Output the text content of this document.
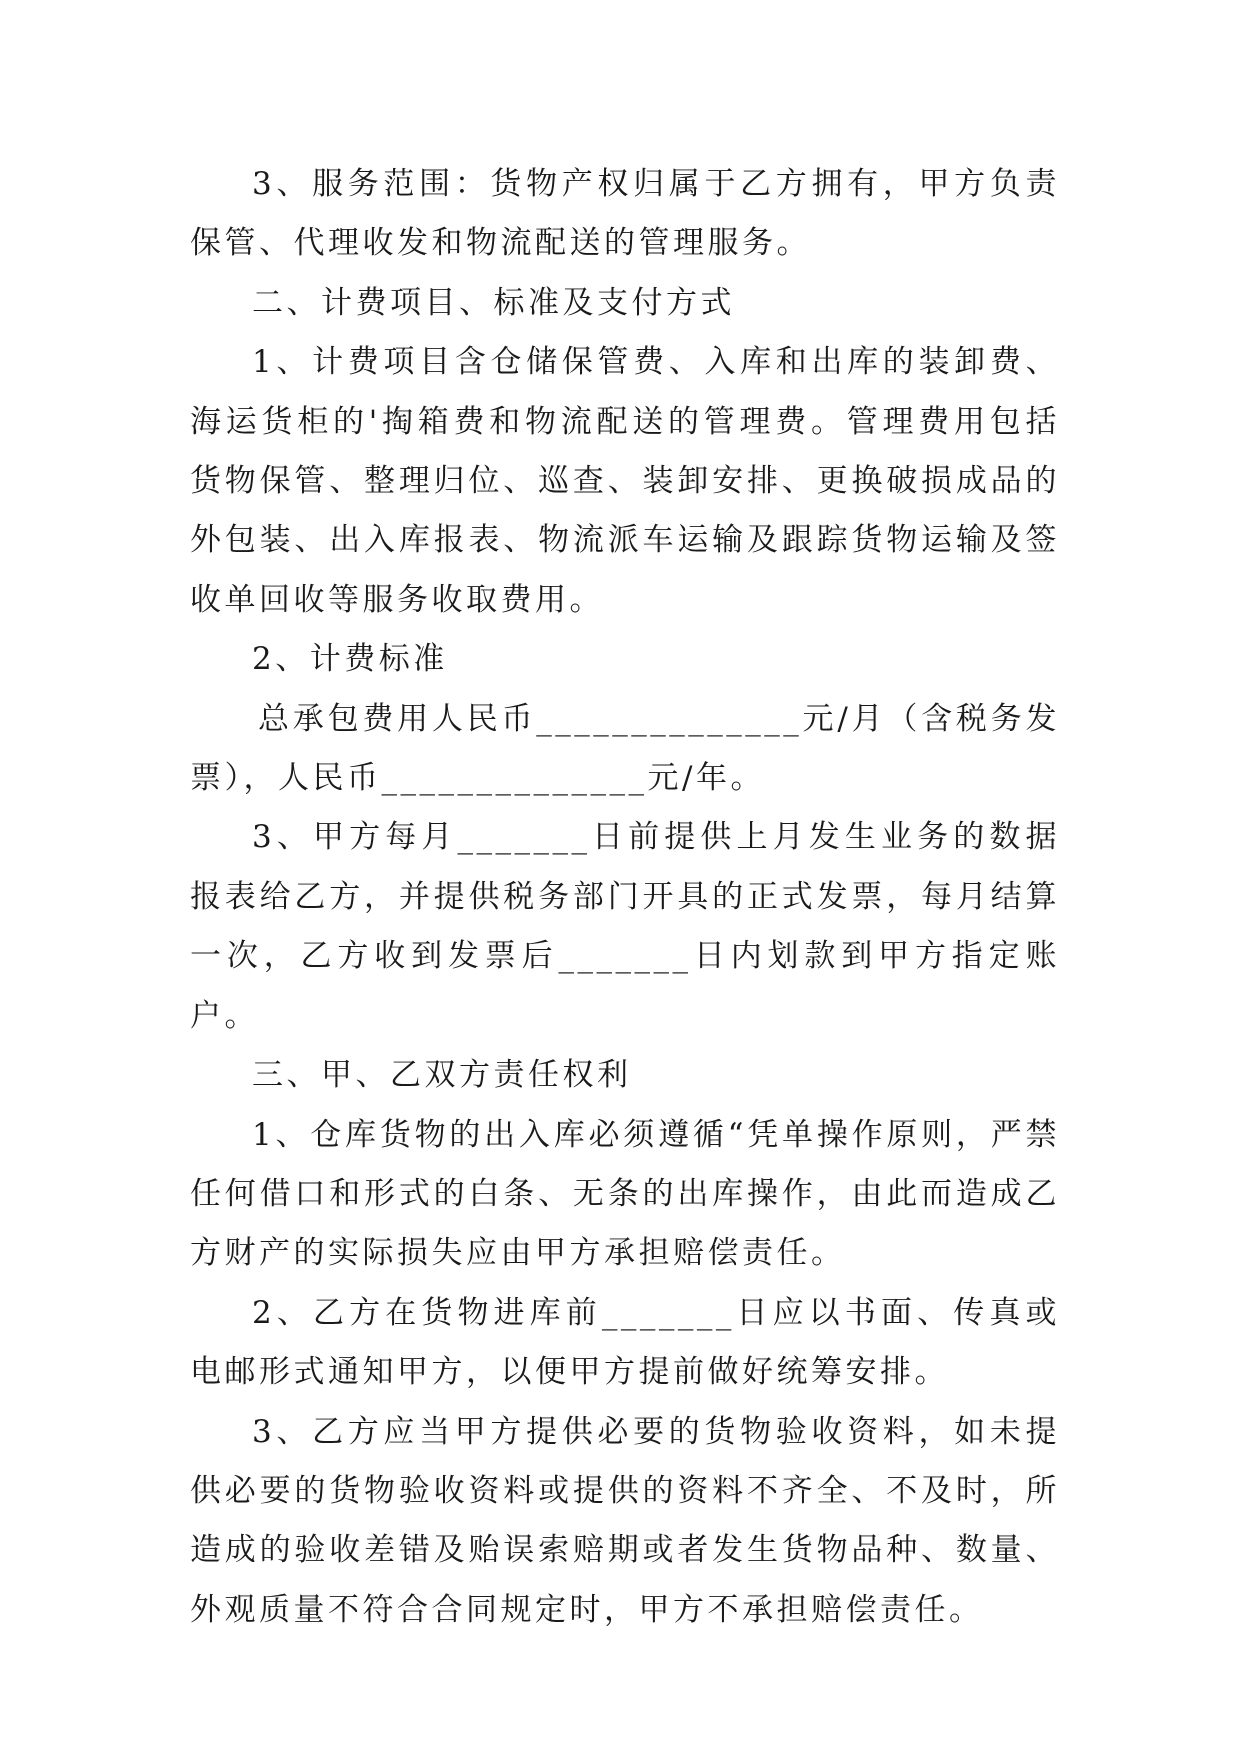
3、服务范围：货物产权归属于乙方拥有，甲方负责保管、代理收发和物流配送的管理服务。

二、计费项目、标准及支付方式

1、计费项目含仓储保管费、入库和出库的装卸费、海运货柜的'掏箱费和物流配送的管理费。管理费用包括货物保管、整理归位、巡查、装卸安排、更换破损成品的外包装、出入库报表、物流派车运输及跟踪货物运输及签收单回收等服务收取费用。

2、计费标准

总承包费用人民币______________元/月（含税务发票），人民币______________元/年。

3、甲方每月_______日前提供上月发生业务的数据报表给乙方，并提供税务部门开具的正式发票，每月结算一次，乙方收到发票后_______日内划款到甲方指定账户。

三、甲、乙双方责任权利

1、仓库货物的出入库必须遵循“凭单操作原则，严禁任何借口和形式的白条、无条的出库操作，由此而造成乙方财产的实际损失应由甲方承担赔偿责任。

2、乙方在货物进库前_______日应以书面、传真或电邮形式通知甲方，以便甲方提前做好统筹安排。

3、乙方应当甲方提供必要的货物验收资料，如未提供必要的货物验收资料或提供的资料不齐全、不及时，所造成的验收差错及贻误索赔期或者发生货物品种、数量、外观质量不符合合同规定时，甲方不承担赔偿责任。
